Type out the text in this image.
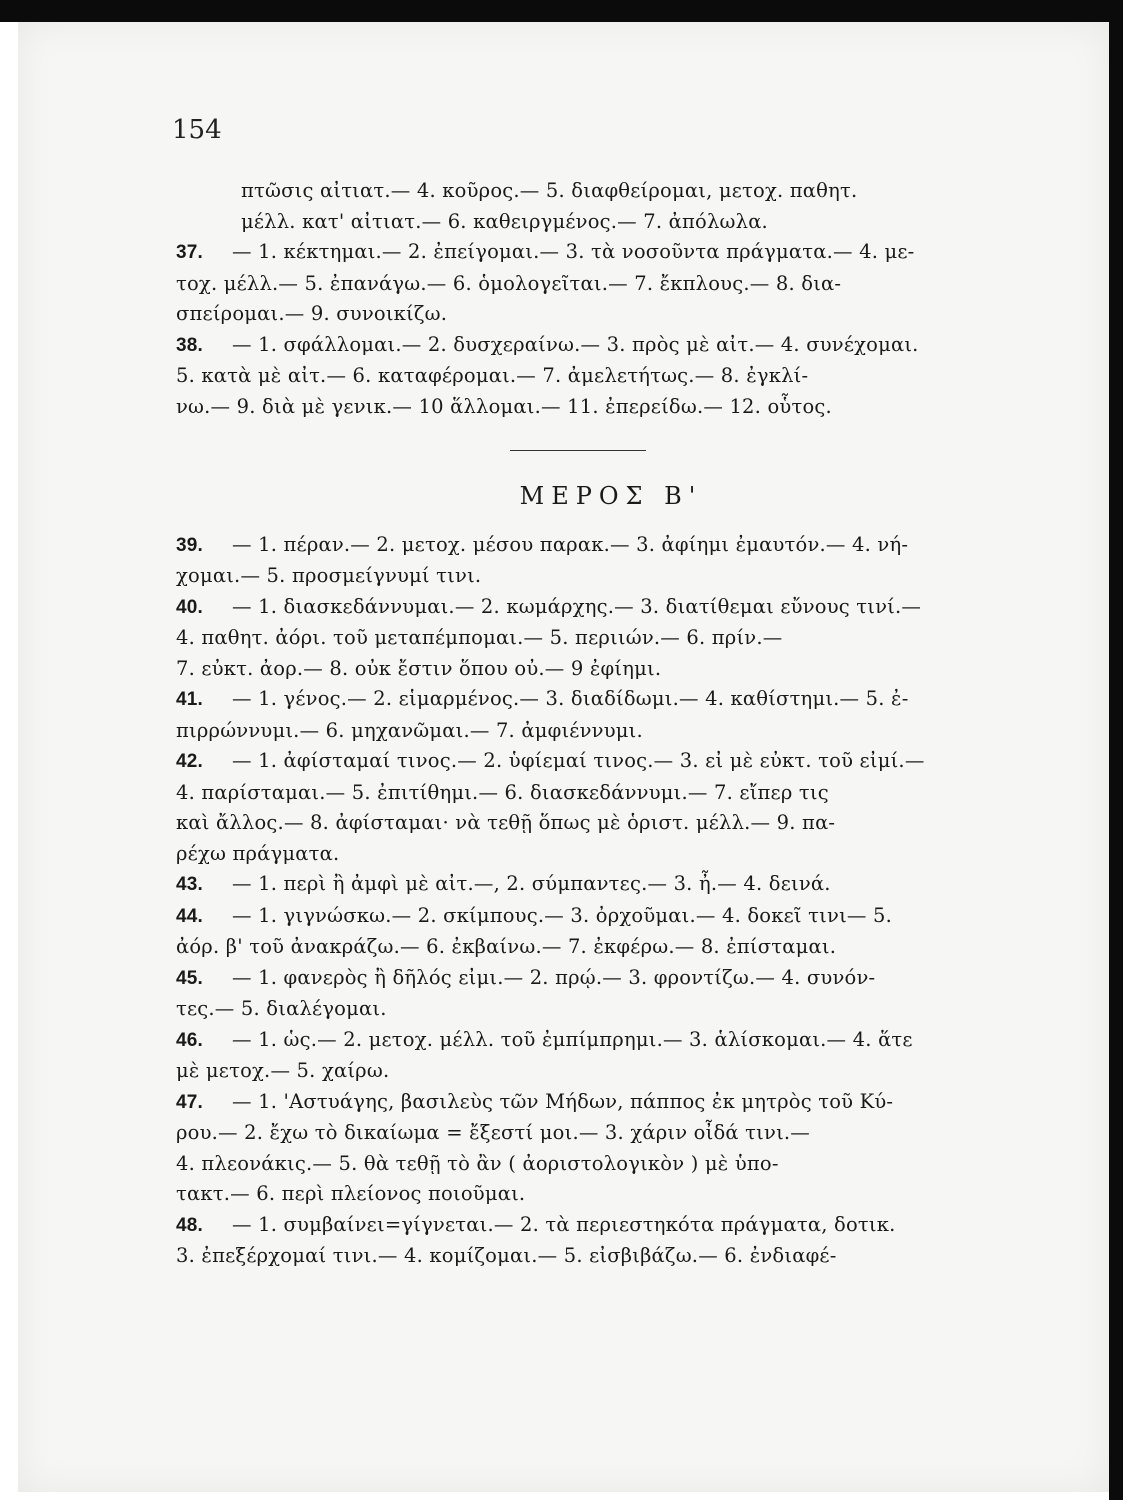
154
πτῶσις αἰτιατ.— 4. κοῦρος.— 5. διαφθείρομαι, μετοχ. παθητ.
μέλλ. κατ' αἰτιατ.— 6. καθειργμένος.— 7. ἀπόλωλα.
37. — 1. κέκτημαι.— 2. ἐπείγομαι.— 3. τὰ νοσοῦντα πράγματα.— 4. με-
τοχ. μέλλ.— 5. ἐπανάγω.— 6. ὁμολογεῖται.— 7. ἔκπλους.— 8. δια-
σπείρομαι.— 9. συνοικίζω.
38. — 1. σφάλλομαι.— 2. δυσχεραίνω.— 3. πρὸς μὲ αἰτ.— 4. συνέχομαι.
5. κατὰ μὲ αἰτ.— 6. καταφέρομαι.— 7. ἀμελετήτως.— 8. ἐγκλί-
νω.— 9. διὰ μὲ γενικ.— 10 ἅλλομαι.— 11. ἐπερείδω.— 12. οὗτος.
ΜΕΡΟΣ Β'
39. — 1. πέραν.— 2. μετοχ. μέσου παρακ.— 3. ἀφίημι ἐμαυτόν.— 4. νή-
χομαι.— 5. προσμείγνυμί τινι.
40. — 1. διασκεδάννυμαι.— 2. κωμάρχης.— 3. διατίθεμαι εὔνους τινί.—
4. παθητ. ἀόρι. τοῦ μεταπέμπομαι.— 5. περιιών.— 6. πρίν.—
7. εὐκτ. ἀορ.— 8. οὐκ ἔστιν ὅπου οὐ.— 9 ἐφίημι.
41. — 1. γένος.— 2. εἱμαρμένος.— 3. διαδίδωμι.— 4. καθίστημι.— 5. ἐ-
πιρρώννυμι.— 6. μηχανῶμαι.— 7. ἀμφιέννυμι.
42. — 1. ἀφίσταμαί τινος.— 2. ὑφίεμαί τινος.— 3. εἰ μὲ εὐκτ. τοῦ εἰμί.—
4. παρίσταμαι.— 5. ἐπιτίθημι.— 6. διασκεδάννυμι.— 7. εἴπερ τις
καὶ ἄλλος.— 8. ἀφίσταμαι· νὰ τεθῇ ὅπως μὲ ὁριστ. μέλλ.— 9. πα-
ρέχω πράγματα.
43. — 1. περὶ ἢ ἀμφὶ μὲ αἰτ.—, 2. σύμπαντες.— 3. ἦ.— 4. δεινά.
44. — 1. γιγνώσκω.— 2. σκίμπους.— 3. ὀρχοῦμαι.— 4. δοκεῖ τινι— 5.
ἀόρ. β' τοῦ ἀνακράζω.— 6. ἐκβαίνω.— 7. ἐκφέρω.— 8. ἐπίσταμαι.
45. — 1. φανερὸς ἢ δῆλός εἰμι.— 2. πρῴ.— 3. φροντίζω.— 4. συνόν-
τες.— 5. διαλέγομαι.
46. — 1. ὡς.— 2. μετοχ. μέλλ. τοῦ ἐμπίμπρημι.— 3. ἁλίσκομαι.— 4. ἅτε
μὲ μετοχ.— 5. χαίρω.
47. — 1. 'Αστυάγης, βασιλεὺς τῶν Μήδων, πάππος ἐκ μητρὸς τοῦ Κύ-
ρου.— 2. ἔχω τὸ δικαίωμα = ἔξεστί μοι.— 3. χάριν οἶδά τινι.—
4. πλεονάκις.— 5. θὰ τεθῇ τὸ ἂν ( ἀοριστολογικὸν ) μὲ ὑπο-
τακτ.— 6. περὶ πλείονος ποιοῦμαι.
48. — 1. συμβαίνει=γίγνεται.— 2. τὰ περιεστηκότα πράγματα, δοτικ.
3. ἐπεξέρχομαί τινι.— 4. κομίζομαι.— 5. εἰσβιβάζω.— 6. ἐνδιαφέ-
